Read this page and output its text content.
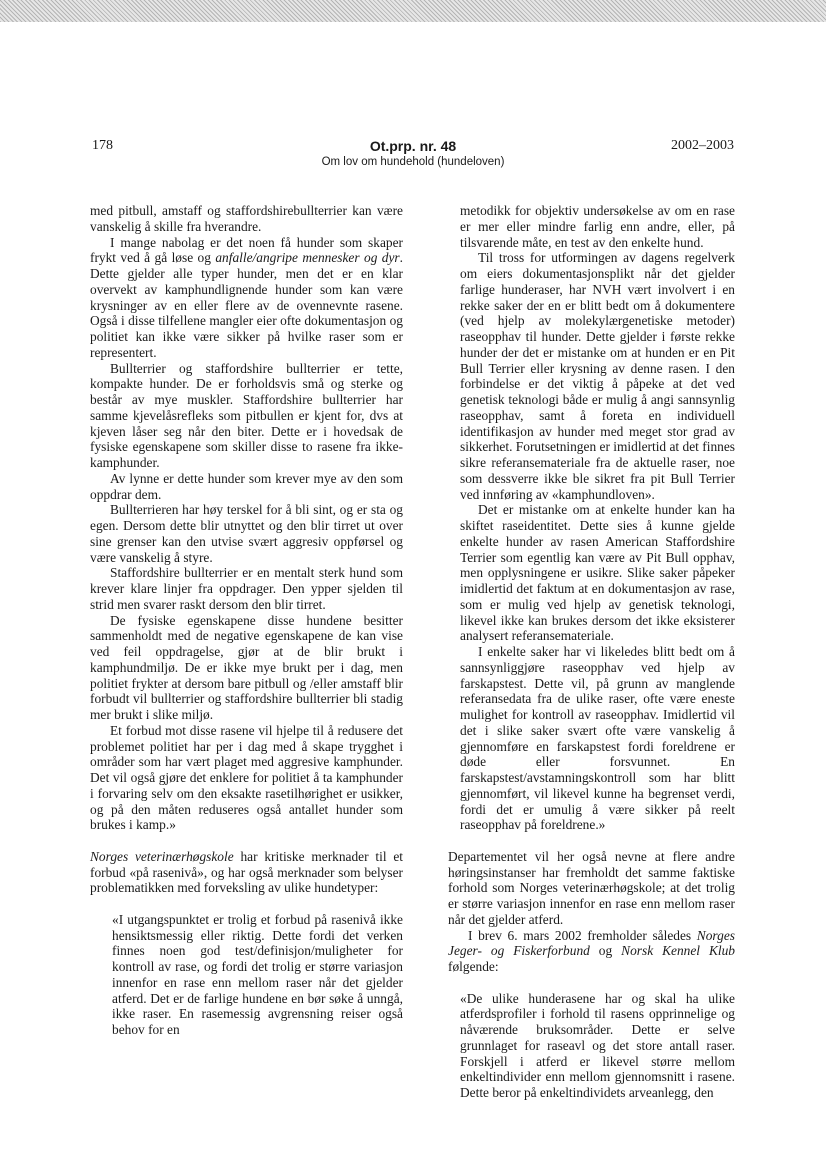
178	Ot.prp. nr. 48	2002–2003
Om lov om hundehold (hundeloven)

med pitbull, amstaff og staffordshirebullterrier kan være vanskelig å skille fra hverandre.

I mange nabolag er det noen få hunder som skaper frykt ved å gå løse og anfalle/angripe mennesker og dyr. Dette gjelder alle typer hunder, men det er en klar overvekt av kamphundlignende hunder som kan være krysninger av en eller flere av de ovennevnte rasene. Også i disse tilfellene mangler eier ofte dokumentasjon og politiet kan ikke være sikker på hvilke raser som er representert.

Bullterrier og staffordshire bullterrier er tette, kompakte hunder. De er forholdsvis små og sterke og består av mye muskler. Staffordshire bullterrier har samme kjevelåsrefleks som pitbullen er kjent for, dvs at kjeven låser seg når den biter. Dette er i hovedsak de fysiske egenskapene som skiller disse to rasene fra ikke-kamphunder.

Av lynne er dette hunder som krever mye av den som oppdrar dem.

Bullterrieren har høy terskel for å bli sint, og er sta og egen. Dersom dette blir utnyttet og den blir tirret ut over sine grenser kan den utvise svært aggresiv oppførsel og være vanskelig å styre.

Staffordshire bullterrier er en mentalt sterk hund som krever klare linjer fra oppdrager. Den ypper sjelden til strid men svarer raskt dersom den blir tirret.

De fysiske egenskapene disse hundene besitter sammenholdt med de negative egenskapene de kan vise ved feil oppdragelse, gjør at de blir brukt i kamphundmiljø. De er ikke mye brukt per i dag, men politiet frykter at dersom bare pitbull og /eller amstaff blir forbudt vil bullterrier og staffordshire bullterrier bli stadig mer brukt i slike miljø.

Et forbud mot disse rasene vil hjelpe til å redusere det problemet politiet har per i dag med å skape trygghet i områder som har vært plaget med aggresive kamphunder. Det vil også gjøre det enklere for politiet å ta kamphunder i forvaring selv om den eksakte rasetilhørighet er usikker, og på den måten reduseres også antallet hunder som brukes i kamp.»

Norges veterinærhøgskole har kritiske merknader til et forbud «på rasenivå», og har også merknader som belyser problematikken med forveksling av ulike hundetyper:

«I utgangspunktet er trolig et forbud på rasenivå ikke hensiktsmessig eller riktig. Dette fordi det verken finnes noen god test/definisjon/muligheter for kontroll av rase, og fordi det trolig er større variasjon innenfor en rase enn mellom raser når det gjelder atferd. Det er de farlige hundene en bør søke å unngå, ikke raser. En rasemessig avgrensning reiser også behov for en

metodikk for objektiv undersøkelse av om en rase er mer eller mindre farlig enn andre, eller, på tilsvarende måte, en test av den enkelte hund.

Til tross for utformingen av dagens regelverk om eiers dokumentasjonsplikt når det gjelder farlige hunderaser, har NVH vært involvert i en rekke saker der en er blitt bedt om å dokumentere (ved hjelp av molekylærgenetiske metoder) raseopphav til hunder. Dette gjelder i første rekke hunder der det er mistanke om at hunden er en Pit Bull Terrier eller krysning av denne rasen. I den forbindelse er det viktig å påpeke at det ved genetisk teknologi både er mulig å angi sannsynlig raseopphav, samt å foreta en individuell identifikasjon av hunder med meget stor grad av sikkerhet. Forutsetningen er imidlertid at det finnes sikre referansemateriale fra de aktuelle raser, noe som dessverre ikke ble sikret fra pit Bull Terrier ved innføring av «kamphundloven».

Det er mistanke om at enkelte hunder kan ha skiftet raseidentitet. Dette sies å kunne gjelde enkelte hunder av rasen American Staffordshire Terrier som egentlig kan være av Pit Bull opphav, men opplysningene er usikre. Slike saker påpeker imidlertid det faktum at en dokumentasjon av rase, som er mulig ved hjelp av genetisk teknologi, likevel ikke kan brukes dersom det ikke eksisterer analysert referansemateriale.

I enkelte saker har vi likeledes blitt bedt om å sannsynliggjøre raseopphav ved hjelp av farskapstest. Dette vil, på grunn av manglende referansedata fra de ulike raser, ofte være eneste mulighet for kontroll av raseopphav. Imidlertid vil det i slike saker svært ofte være vanskelig å gjennomføre en farskapstest fordi foreldrene er døde eller forsvunnet. En farskapstest/avstamningskontroll som har blitt gjennomført, vil likevel kunne ha begrenset verdi, fordi det er umulig å være sikker på reelt raseopphav på foreldrene.»

Departementet vil her også nevne at flere andre høringsinstanser har fremholdt det samme faktiske forhold som Norges veterinærhøgskole; at det trolig er større variasjon innenfor en rase enn mellom raser når det gjelder atferd.

I brev 6. mars 2002 fremholder således Norges Jeger- og Fiskerforbund og Norsk Kennel Klub følgende:

«De ulike hunderasene har og skal ha ulike atferdsprofiler i forhold til rasens opprinnelige og nåværende bruksområder. Dette er selve grunnlaget for raseavl og det store antall raser. Forskjell i atferd er likevel større mellom enkeltindivider enn mellom gjennomsnitt i rasene. Dette beror på enkeltindividets arveanlegg, den
